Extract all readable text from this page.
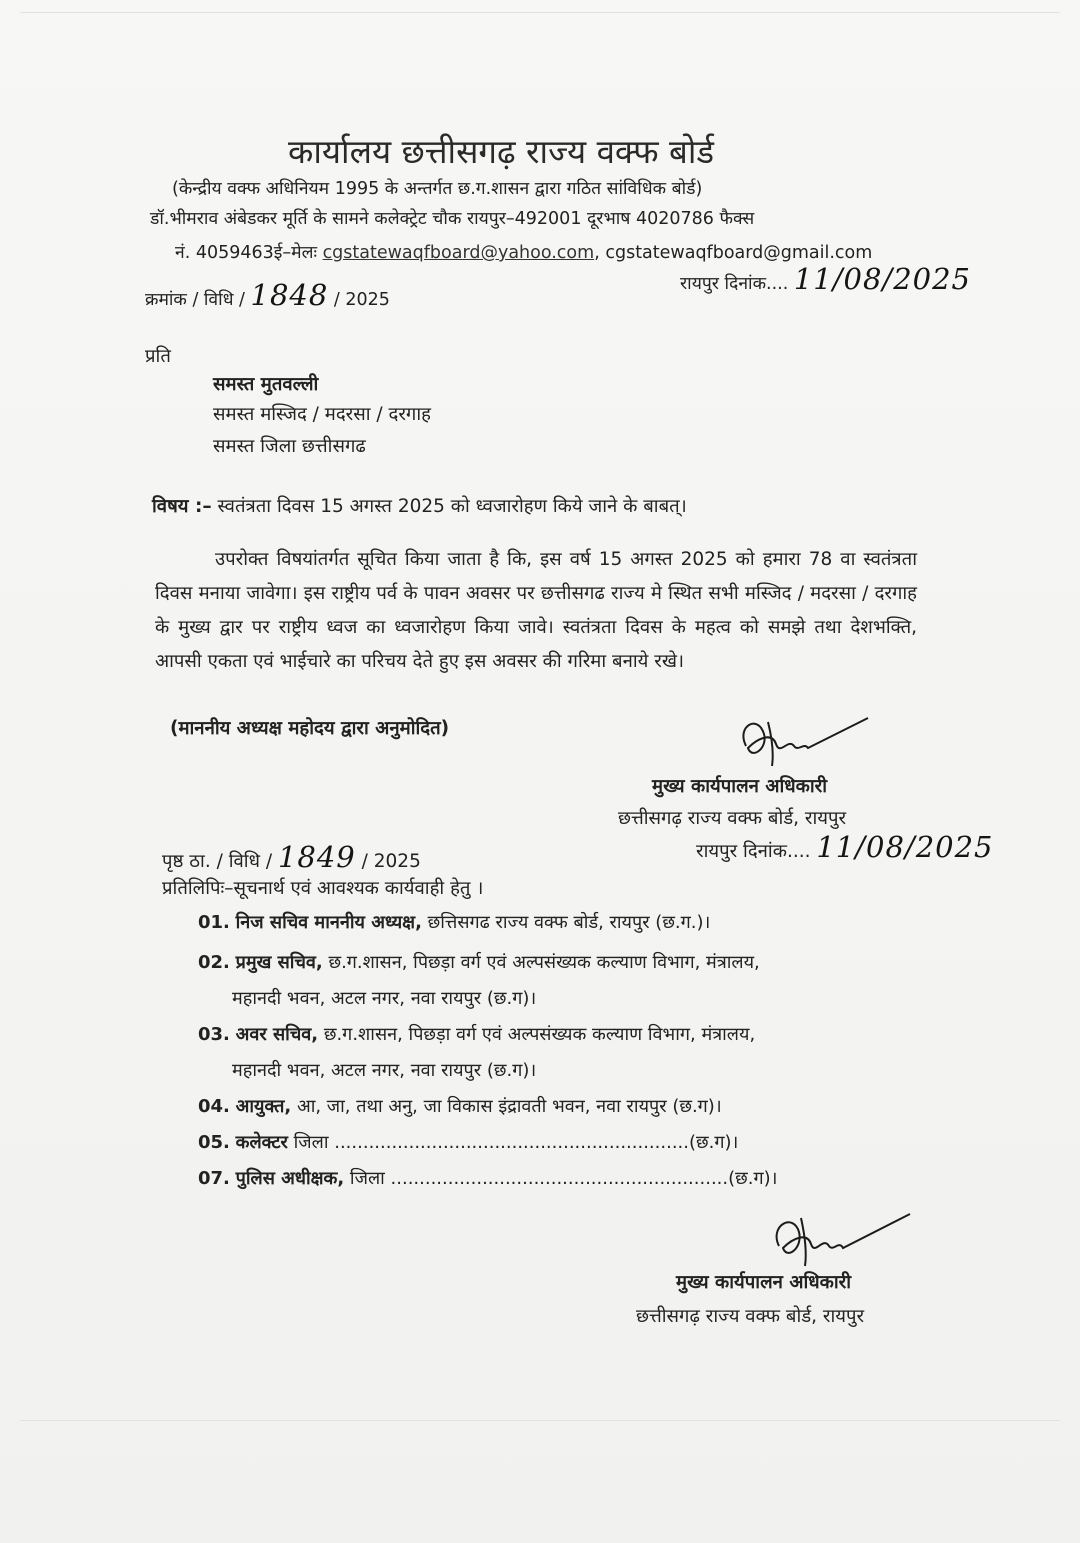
कार्यालय छत्तीसगढ़ राज्य वक्फ बोर्ड
(केन्द्रीय वक्फ अधिनियम 1995 के अन्तर्गत छ.ग.शासन द्वारा गठित सांविधिक बोर्ड)
डॉ.भीमराव अंबेडकर मूर्ति के सामने कलेक्ट्रेट चौक रायपुर–492001 दूरभाष 4020786 फैक्स
नं. 4059463ई–मेलः cgstatewaqfboard@yahoo.com, cgstatewaqfboard@gmail.com
क्रमांक / विधि / 1848 / 2025
रायपुर दिनांक.... 11/08/2025
प्रति
समस्त मुतवल्ली
समस्त मस्जिद / मदरसा / दरगाह
समस्त जिला छत्तीसगढ
विषय :– स्वतंत्रता दिवस 15 अगस्त 2025 को ध्वजारोहण किये जाने के बाबत्।
उपरोक्त विषयांतर्गत सूचित किया जाता है कि, इस वर्ष 15 अगस्त 2025 को हमारा 78 वा स्वतंत्रता दिवस मनाया जावेगा। इस राष्ट्रीय पर्व के पावन अवसर पर छत्तीसगढ राज्य मे स्थित सभी मस्जिद / मदरसा / दरगाह के मुख्य द्वार पर राष्ट्रीय ध्वज का ध्वजारोहण किया जावे। स्वतंत्रता दिवस के महत्व को समझे तथा देशभक्ति, आपसी एकता एवं भाईचारे का परिचय देते हुए इस अवसर की गरिमा बनाये रखे।
(माननीय अध्यक्ष महोदय द्वारा अनुमोदित)
मुख्य कार्यपालन अधिकारी
छत्तीसगढ़ राज्य वक्फ बोर्ड, रायपुर
रायपुर दिनांक.... 11/08/2025
पृष्ठ ठा. / विधि / 1849 / 2025
प्रतिलिपिः–सूचनार्थ एवं आवश्यक कार्यवाही हेतु ।
01. निज सचिव माननीय अध्यक्ष, छत्तिसगढ राज्य वक्फ बोर्ड, रायपुर (छ.ग.)।
02. प्रमुख सचिव, छ.ग.शासन, पिछड़ा वर्ग एवं अल्पसंख्यक कल्याण विभाग, मंत्रालय,
महानदी भवन, अटल नगर, नवा रायपुर (छ.ग)।
03. अवर सचिव, छ.ग.शासन, पिछड़ा वर्ग एवं अल्पसंख्यक कल्याण विभाग, मंत्रालय,
महानदी भवन, अटल नगर, नवा रायपुर (छ.ग)।
04. आयुक्त, आ, जा, तथा अनु, जा विकास इंद्रावती भवन, नवा रायपुर (छ.ग)।
05. कलेक्टर जिला ..............................................................(छ.ग)।
07. पुलिस अधीक्षक, जिला ...........................................................(छ.ग)।
मुख्य कार्यपालन अधिकारी
छत्तीसगढ़ राज्य वक्फ बोर्ड, रायपुर
